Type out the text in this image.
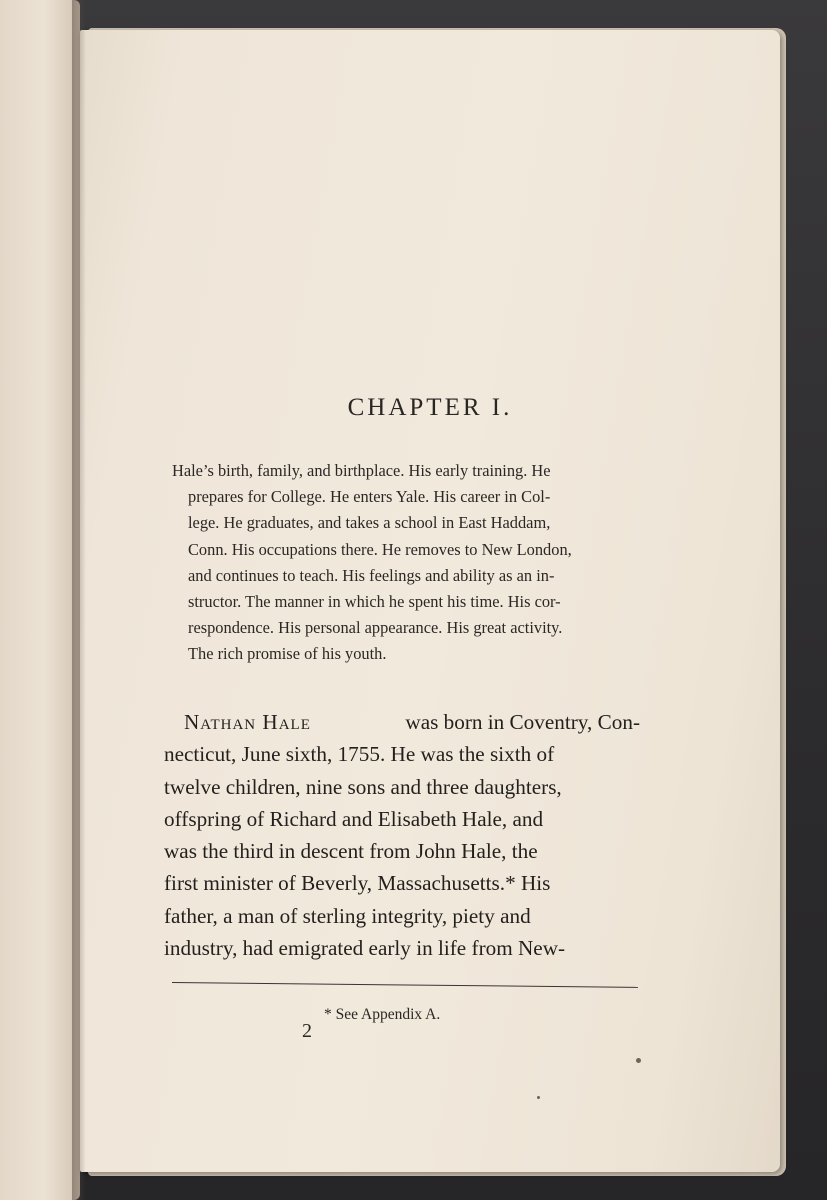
CHAPTER I.
Hale’s birth, family, and birthplace. His early training. He
prepares for College. He enters Yale. His career in Col-
lege. He graduates, and takes a school in East Haddam,
Conn. His occupations there. He removes to New London,
and continues to teach. His feelings and ability as an in-
structor. The manner in which he spent his time. His cor-
respondence. His personal appearance. His great activity.
The rich promise of his youth.
Nathan Hale	was born in Coventry, Con-
necticut, June sixth, 1755. He was the sixth of
twelve children, nine sons and three daughters,
offspring of Richard and Elisabeth Hale, and
was the third in descent from John Hale, the
first minister of Beverly, Massachusetts.* His
father, a man of sterling integrity, piety and
industry, had emigrated early in life from New-
* See Appendix A.
2
